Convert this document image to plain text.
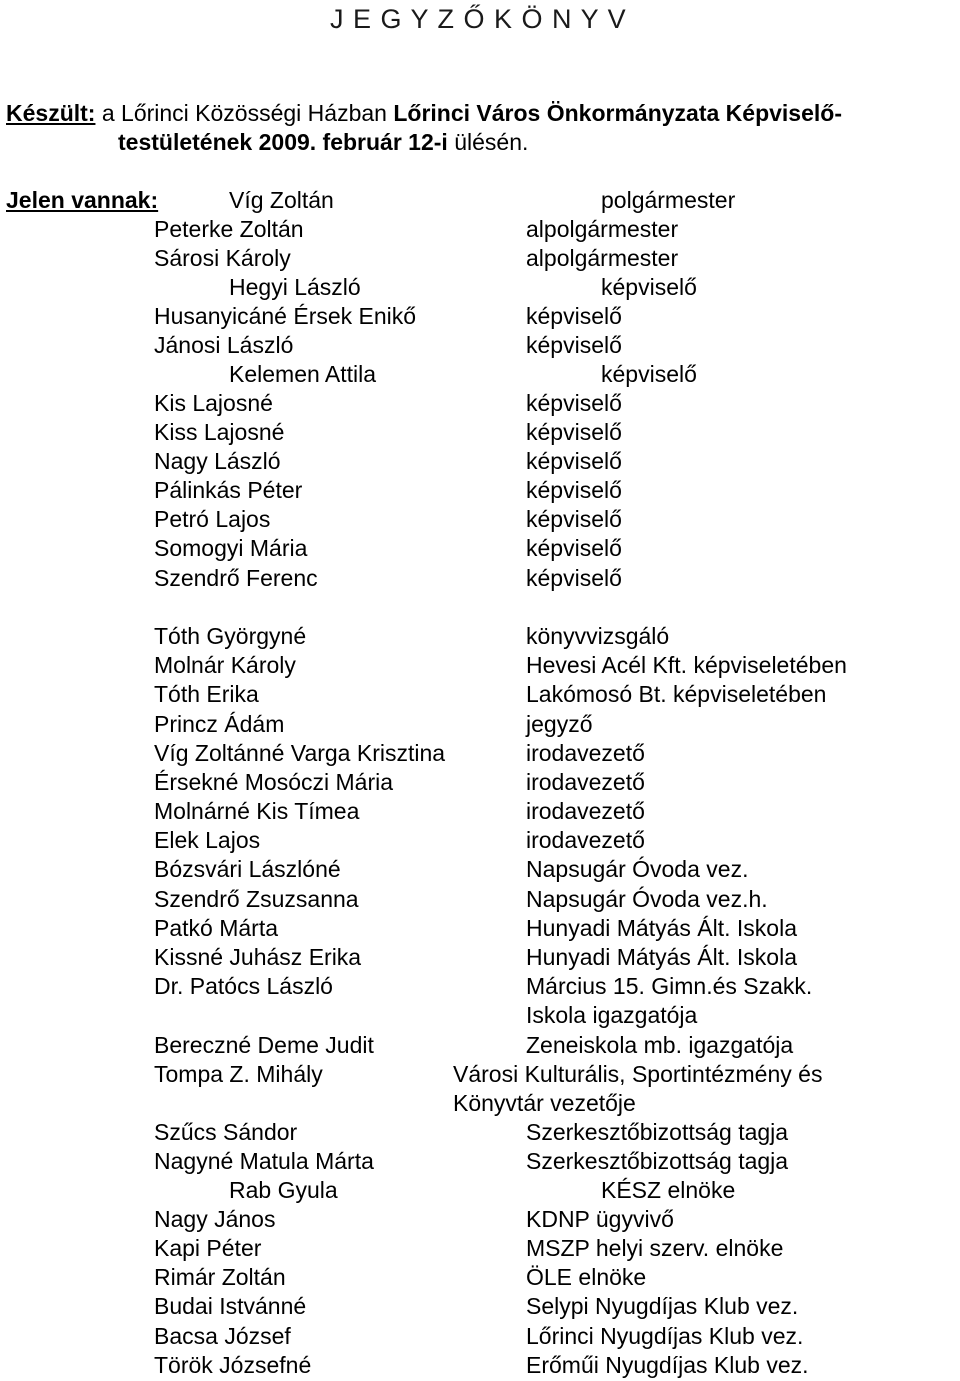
J E G Y Z Ő K Ö N Y V
Készült: a Lőrinci Közösségi Házban Lőrinci Város Önkormányzata Képviselő-
testületének 2009. február 12-i ülésén.
Jelen vannak:	Víg Zoltán	polgármester
Peterke Zoltán	alpolgármester
Sárosi Károly	alpolgármester
Hegyi László	képviselő
Husanyicáné Érsek Enikő	képviselő
Jánosi László	képviselő
Kelemen Attila	képviselő
Kis Lajosné	képviselő
Kiss Lajosné	képviselő
Nagy László	képviselő
Pálinkás Péter	képviselő
Petró Lajos	képviselő
Somogyi Mária	képviselő
Szendrő Ferenc	képviselő
Tóth Györgyné	könyvvizsgáló
Molnár Károly	Hevesi Acél Kft. képviseletében
Tóth Erika	Lakómosó Bt. képviseletében
Princz Ádám	jegyző
Víg Zoltánné Varga Krisztina	irodavezető
Érsekné Mosóczi Mária	irodavezető
Molnárné Kis Tímea	irodavezető
Elek Lajos	irodavezető
Bózsvári Lászlóné	Napsugár Óvoda vez.
Szendrő Zsuzsanna	Napsugár Óvoda vez.h.
Patkó Márta	Hunyadi Mátyás Ált. Iskola
Kissné Juhász Erika	Hunyadi Mátyás Ált. Iskola
Dr. Patócs László	Március 15. Gimn.és Szakk.
Iskola igazgatója
Bereczné Deme Judit	Zeneiskola mb. igazgatója
Tompa Z. Mihály	Városi Kulturális, Sportintézmény és
Könyvtár vezetője
Szűcs Sándor	Szerkesztőbizottság tagja
Nagyné Matula Márta	Szerkesztőbizottság tagja
Rab Gyula	KÉSZ elnöke
Nagy János	KDNP ügyvivő
Kapi Péter	MSZP helyi szerv. elnöke
Rimár Zoltán	ÖLE elnöke
Budai Istvánné	Selypi Nyugdíjas Klub vez.
Bacsa József	Lőrinci Nyugdíjas Klub vez.
Török Józsefné	Erőműi Nyugdíjas Klub vez.
